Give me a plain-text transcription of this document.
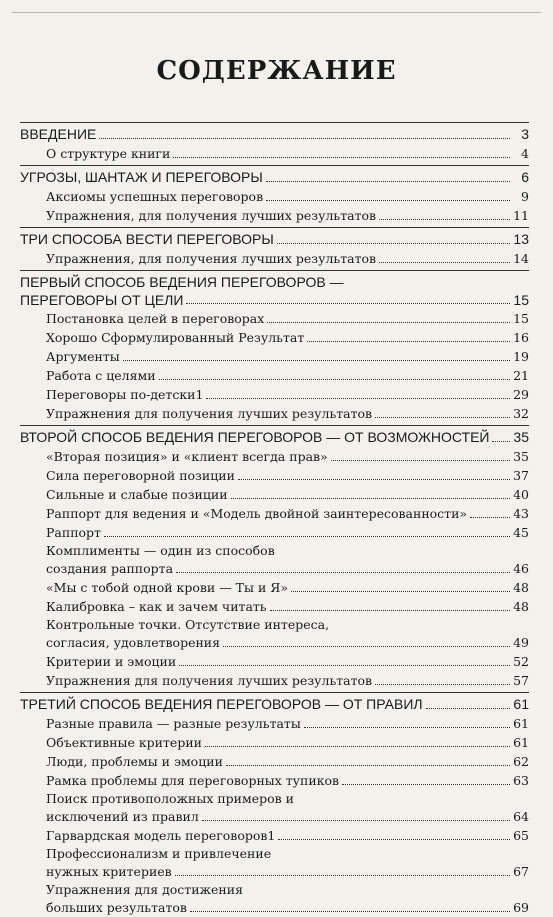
СОДЕРЖАНИЕ
ВВЕДЕНИЕ	3
О структуре книги	4
УГРОЗЫ, ШАНТАЖ И ПЕРЕГОВОРЫ	6
Аксиомы успешных переговоров	9
Упражнения, для получения лучших результатов	11
ТРИ СПОСОБА ВЕСТИ ПЕРЕГОВОРЫ	13
Упражнения, для получения лучших результатов	14
ПЕРВЫЙ СПОСОБ ВЕДЕНИЯ ПЕРЕГОВОРОВ —
ПЕРЕГОВОРЫ ОТ ЦЕЛИ	15
Постановка целей в переговорах	15
Хорошо Сформулированный Результат	16
Аргументы	19
Работа с целями	21
Переговоры по-детски1	29
Упражнения для получения лучших результатов	32
ВТОРОЙ СПОСОБ ВЕДЕНИЯ ПЕРЕГОВОРОВ — ОТ ВОЗМОЖНОСТЕЙ 35
«Вторая позиция» и «клиент всегда прав»	35
Сила переговорной позиции	37
Сильные и слабые позиции	40
Раппорт для ведения и «Модель двойной заинтересованности»	43
Раппорт	45
Комплименты — один из способов
создания раппорта	46
«Мы с тобой одной крови — Ты и Я»	48
Калибровка – как и зачем читать	48
Контрольные точки. Отсутствие интереса,
согласия, удовлетворения	49
Критерии и эмоции	52
Упражнения для получения лучших результатов	57
ТРЕТИЙ СПОСОБ ВЕДЕНИЯ ПЕРЕГОВОРОВ — ОТ ПРАВИЛ	61
Разные правила — разные результаты	61
Объективные критерии	61
Люди, проблемы и эмоции	62
Рамка проблемы для переговорных тупиков	63
Поиск противоположных примеров и
исключений из правил	64
Гарвардская модель переговоров1	65
Профессионализм и привлечение
нужных критериев	67
Упражнения для достижения
больших результатов	69
